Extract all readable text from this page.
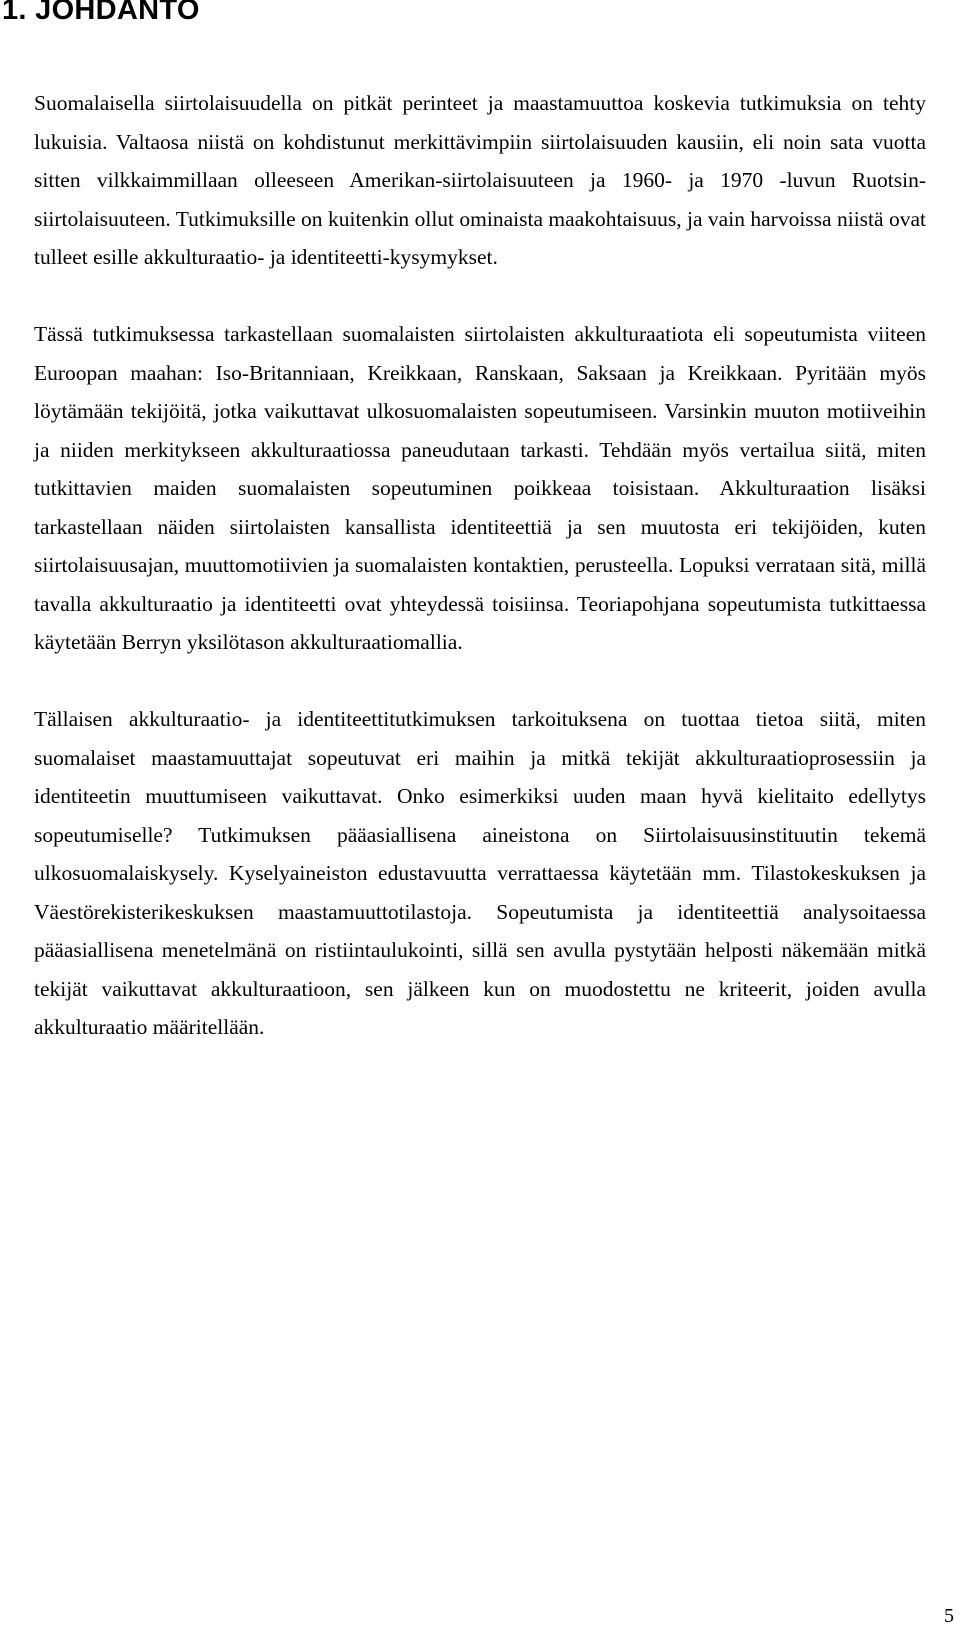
1. JOHDANTO

Suomalaisella siirtolaisuudella on pitkät perinteet ja maastamuuttoa koskevia tutkimuksia on tehty lukuisia. Valtaosa niistä on kohdistunut merkittävimpiin siirtolaisuuden kausiin, eli noin sata vuotta sitten vilkkaimmillaan olleeseen Amerikan-siirtolaisuuteen ja 1960- ja 1970 -luvun Ruotsin-siirtolaisuuteen. Tutkimuksille on kuitenkin ollut ominaista maakohtaisuus, ja vain harvoissa niistä ovat tulleet esille akkulturaatio- ja identiteetti-kysymykset.

Tässä tutkimuksessa tarkastellaan suomalaisten siirtolaisten akkulturaatiota eli sopeutumista viiteen Euroopan maahan: Iso-Britanniaan, Kreikkaan, Ranskaan, Saksaan ja Kreikkaan. Pyritään myös löytämään tekijöitä, jotka vaikuttavat ulkosuomalaisten sopeutumiseen. Varsinkin muuton motiiveihin ja niiden merkitykseen akkulturaatiossa paneudutaan tarkasti. Tehdään myös vertailua siitä, miten tutkittavien maiden suomalaisten sopeutuminen poikkeaa toisistaan. Akkulturaation lisäksi tarkastellaan näiden siirtolaisten kansallista identiteettiä ja sen muutosta eri tekijöiden, kuten siirtolaisuusajan, muuttomotiivien ja suomalaisten kontaktien, perusteella. Lopuksi verrataan sitä, millä tavalla akkulturaatio ja identiteetti ovat yhteydessä toisiinsa. Teoriapohjana sopeutumista tutkittaessa käytetään Berryn yksilötason akkulturaatiomallia.

Tällaisen akkulturaatio- ja identiteettitutkimuksen tarkoituksena on tuottaa tietoa siitä, miten suomalaiset maastamuuttajat sopeutuvat eri maihin ja mitkä tekijät akkulturaatioprosessiin ja identiteetin muuttumiseen vaikuttavat. Onko esimerkiksi uuden maan hyvä kielitaito edellytys sopeutumiselle? Tutkimuksen pääasiallisena aineistona on Siirtolaisuusinstituutin tekemä ulkosuomalaiskysely. Kyselyaineiston edustavuutta verrattaessa käytetään mm. Tilastokeskuksen ja Väestörekisterikeskuksen maastamuuttotilastoja. Sopeutumista ja identiteettiä analysoitaessa pääasiallisena menetelmänä on ristiintaulukointi, sillä sen avulla pystytään helposti näkemään mitkä tekijät vaikuttavat akkulturaatioon, sen jälkeen kun on muodostettu ne kriteerit, joiden avulla akkulturaatio määritellään.

5
